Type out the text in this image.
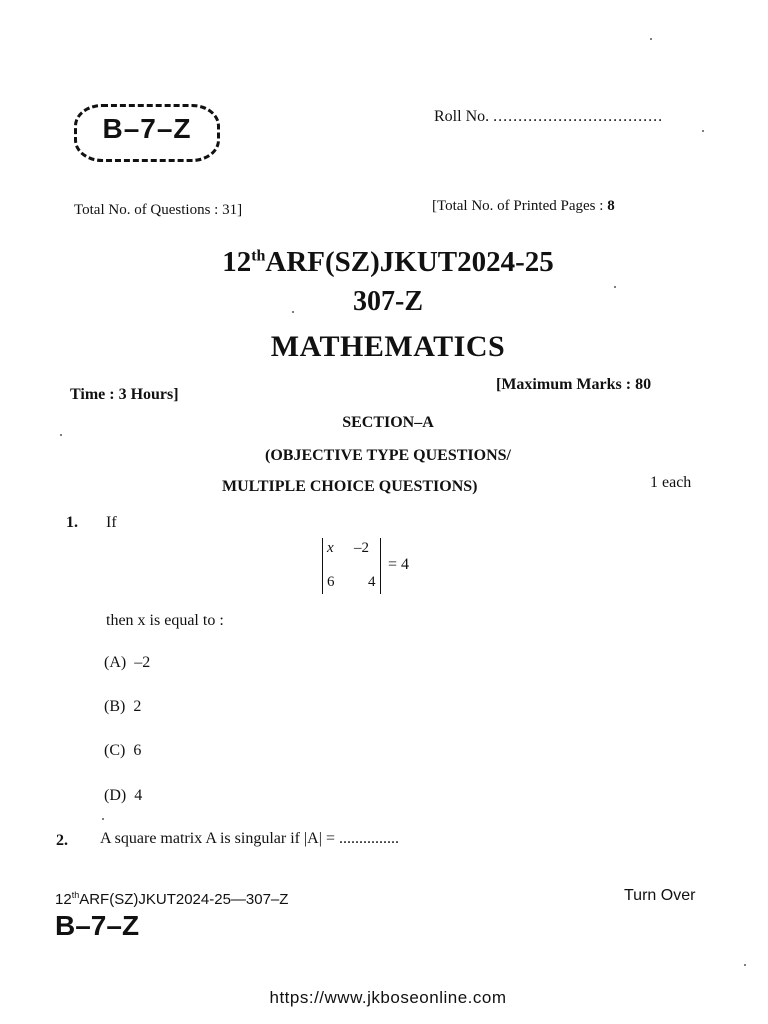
B–7–Z	Roll No. ..................................
Total No. of Questions : 31]	[Total No. of Printed Pages : 8
12thARF(SZ)JKUT2024-25
307-Z
MATHEMATICS
Time : 3 Hours]
[Maximum Marks : 80
SECTION–A
(OBJECTIVE TYPE QUESTIONS/
MULTIPLE CHOICE QUESTIONS)	1 each
1. If
x –2
6 4
= 4
then x is equal to :
(A) –2
(B) 2
(C) 6
(D) 4
2. A square matrix A is singular if |A| = ...............
12thARF(SZ)JKUT2024-25—307–Z
B–7–Z
Turn Over
https://www.jkboseonline.com
